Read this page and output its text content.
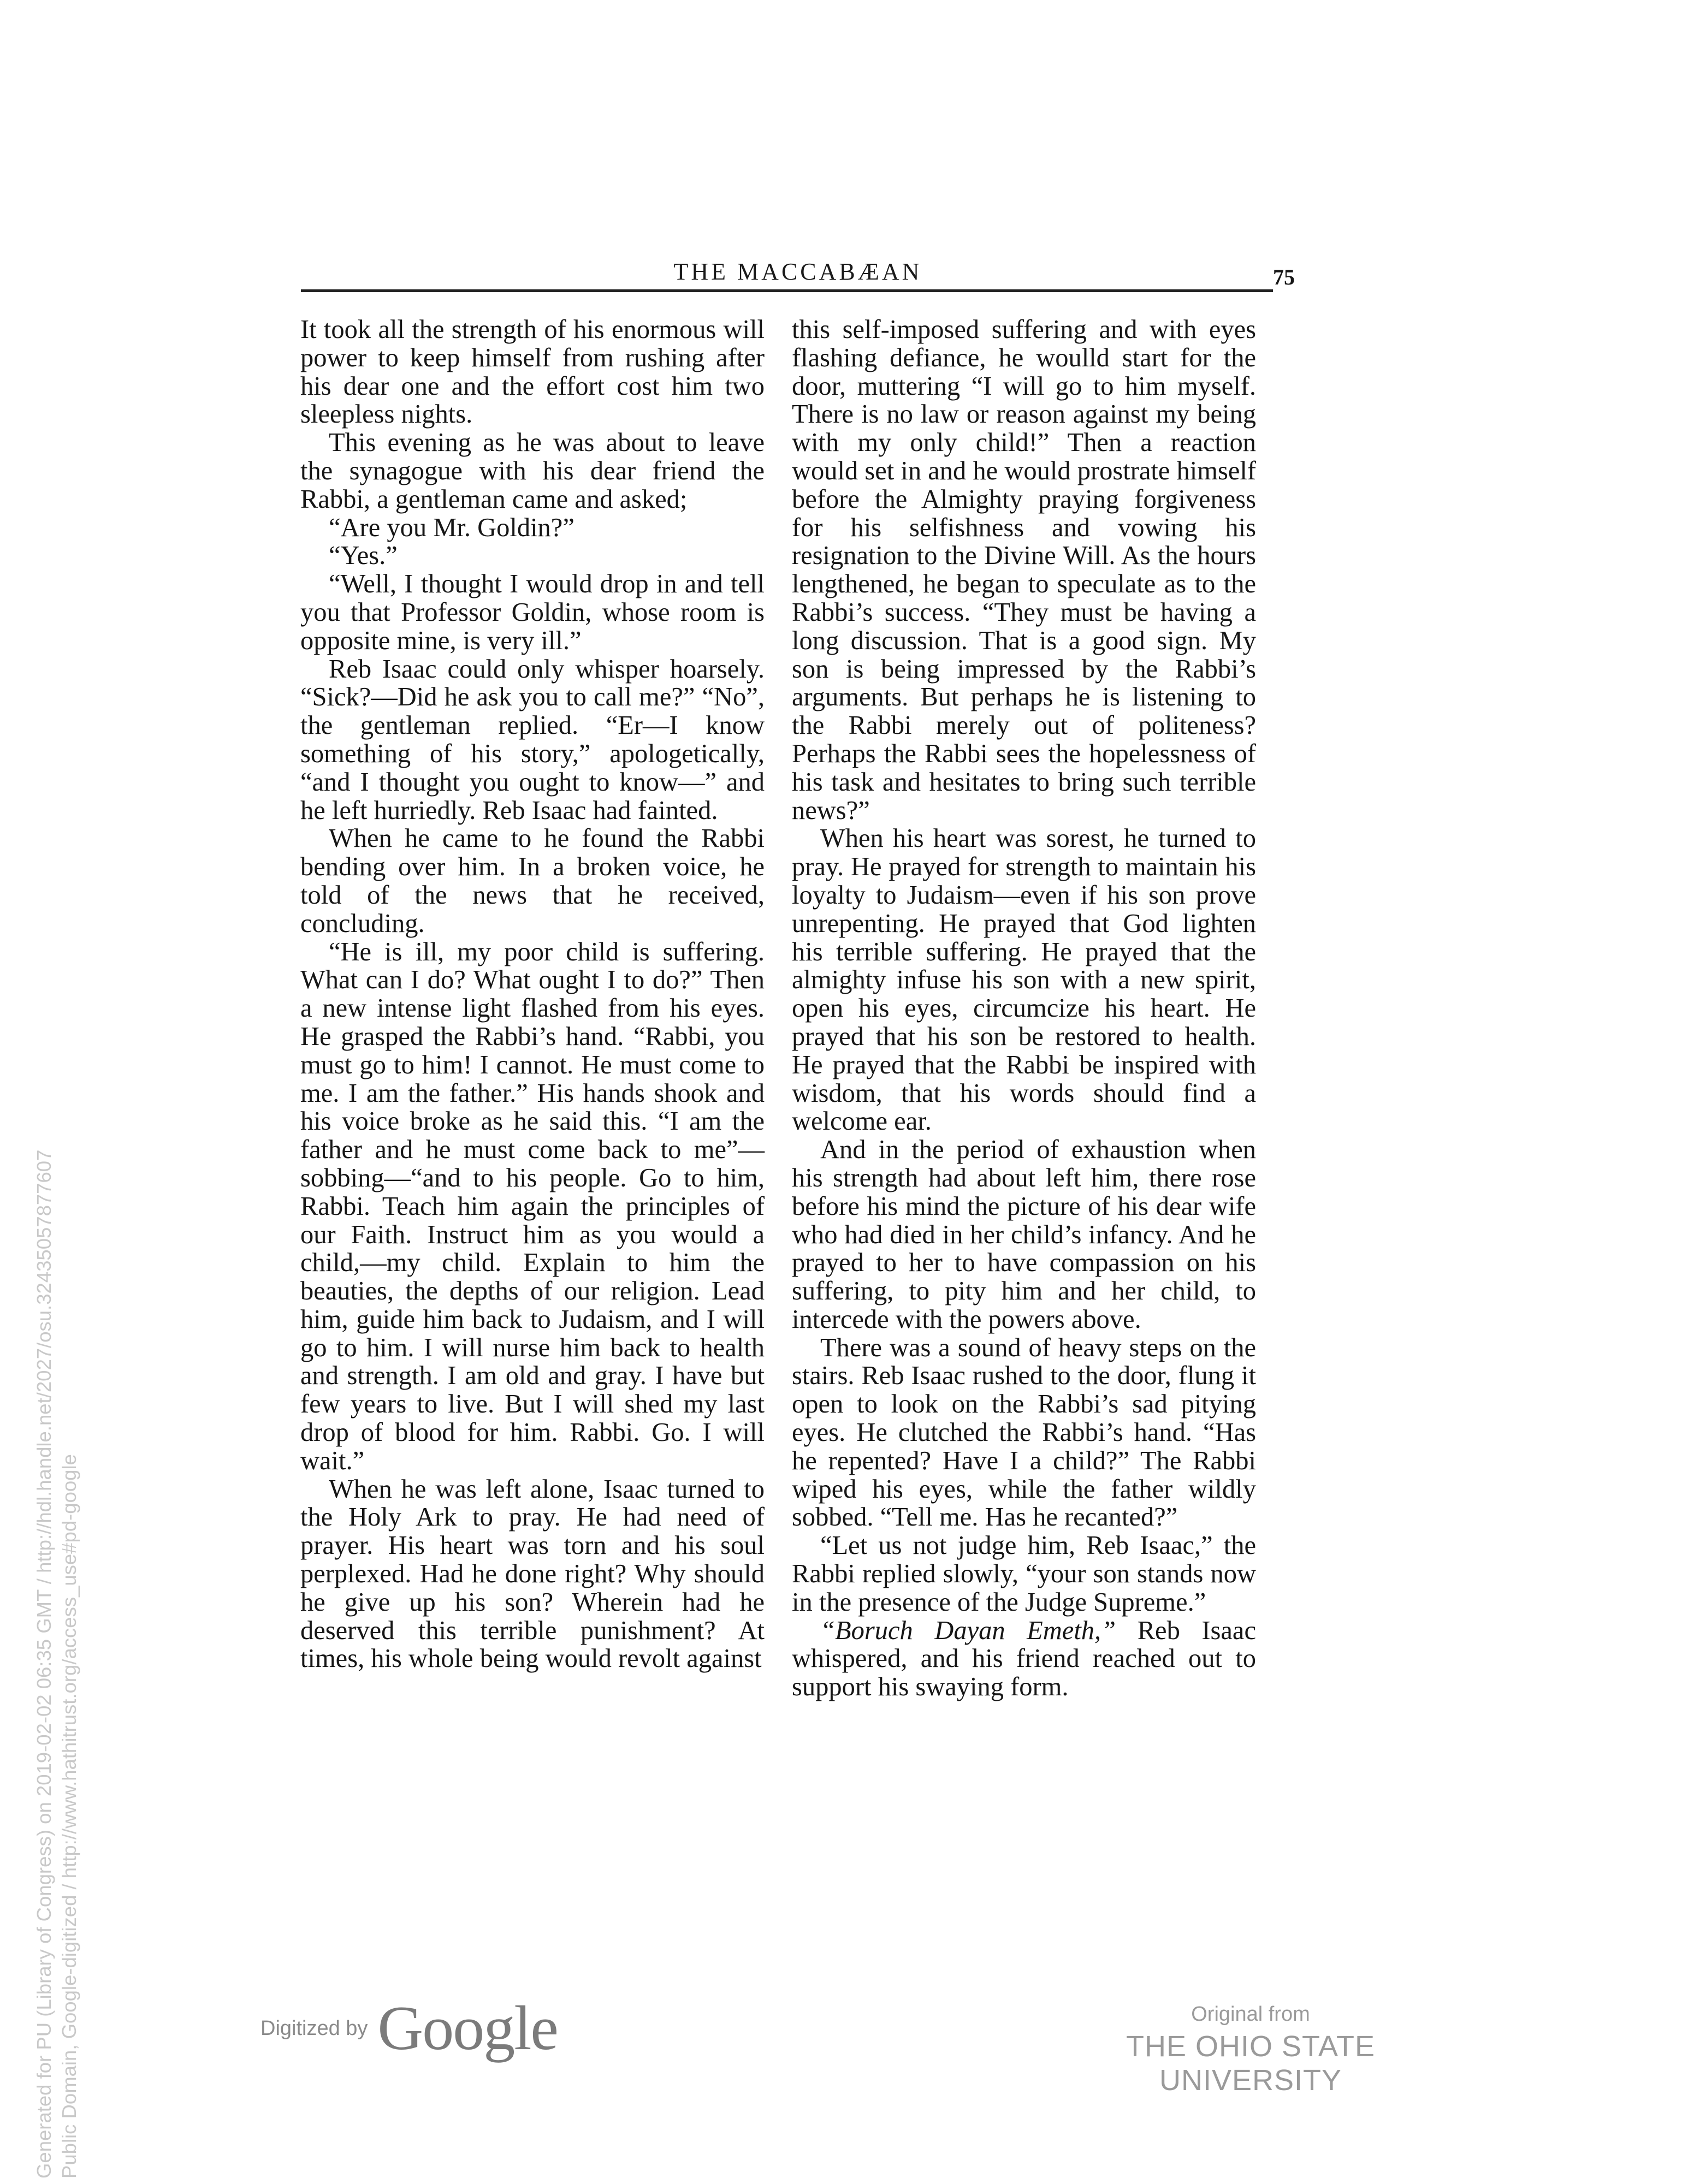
THE MACCABÆAN	75

It took all the strength of his enormous will power to keep himself from rushing after his dear one and the effort cost him two sleepless nights.

This evening as he was about to leave the synagogue with his dear friend the Rabbi, a gentleman came and asked;

“Are you Mr. Goldin?”

“Yes.”

“Well, I thought I would drop in and tell you that Professor Goldin, whose room is opposite mine, is very ill.”

Reb Isaac could only whisper hoarsely. “Sick?—Did he ask you to call me?” “No”, the gentleman replied. “Er—I know something of his story,” apologetically, “and I thought you ought to know—” and he left hurriedly. Reb Isaac had fainted.

When he came to he found the Rabbi bending over him. In a broken voice, he told of the news that he received, concluding.

“He is ill, my poor child is suffering. What can I do? What ought I to do?” Then a new intense light flashed from his eyes. He grasped the Rabbi’s hand. “Rabbi, you must go to him! I cannot. He must come to me. I am the father.” His hands shook and his voice broke as he said this. “I am the father and he must come back to me”—sobbing—“and to his people. Go to him, Rabbi. Teach him again the principles of our Faith. Instruct him as you would a child,—my child. Explain to him the beauties, the depths of our religion. Lead him, guide him back to Judaism, and I will go to him. I will nurse him back to health and strength. I am old and gray. I have but few years to live. But I will shed my last drop of blood for him. Rabbi. Go. I will wait.”

When he was left alone, Isaac turned to the Holy Ark to pray. He had need of prayer. His heart was torn and his soul perplexed. Had he done right? Why should he give up his son? Wherein had he deserved this terrible punishment? At times, his whole being would revolt against

this self-imposed suffering and with eyes flashing defiance, he woulld start for the door, muttering “I will go to him myself. There is no law or reason against my being with my only child!” Then a reaction would set in and he would prostrate himself before the Almighty praying forgiveness for his selfishness and vowing his resignation to the Divine Will. As the hours lengthened, he began to speculate as to the Rabbi’s success. “They must be having a long discussion. That is a good sign. My son is being impressed by the Rabbi’s arguments. But perhaps he is listening to the Rabbi merely out of politeness? Perhaps the Rabbi sees the hopelessness of his task and hesitates to bring such terrible news?”

When his heart was sorest, he turned to pray. He prayed for strength to maintain his loyalty to Judaism—even if his son prove unrepenting. He prayed that God lighten his terrible suffering. He prayed that the almighty infuse his son with a new spirit, open his eyes, circumcize his heart. He prayed that his son be restored to health. He prayed that the Rabbi be inspired with wisdom, that his words should find a welcome ear.

And in the period of exhaustion when his strength had about left him, there rose before his mind the picture of his dear wife who had died in her child’s infancy. And he prayed to her to have compassion on his suffering, to pity him and her child, to intercede with the powers above.

There was a sound of heavy steps on the stairs. Reb Isaac rushed to the door, flung it open to look on the Rabbi’s sad pitying eyes. He clutched the Rabbi’s hand. “Has he repented? Have I a child?” The Rabbi wiped his eyes, while the father wildly sobbed. “Tell me. Has he recanted?”

“Let us not judge him, Reb Isaac,” the Rabbi replied slowly, “your son stands now in the presence of the Judge Supreme.”

“Boruch Dayan Emeth,” Reb Isaac whispered, and his friend reached out to support his swaying form.

Digitized by Google	Original from
THE OHIO STATE UNIVERSITY
Generated for PU (Library of Congress) on 2019-02-02 06:35 GMT / http://hdl.handle.net/2027/osu.32435057877607 Public Domain, Google-digitized / http://www.hathitrust.org/access_use#pd-google
